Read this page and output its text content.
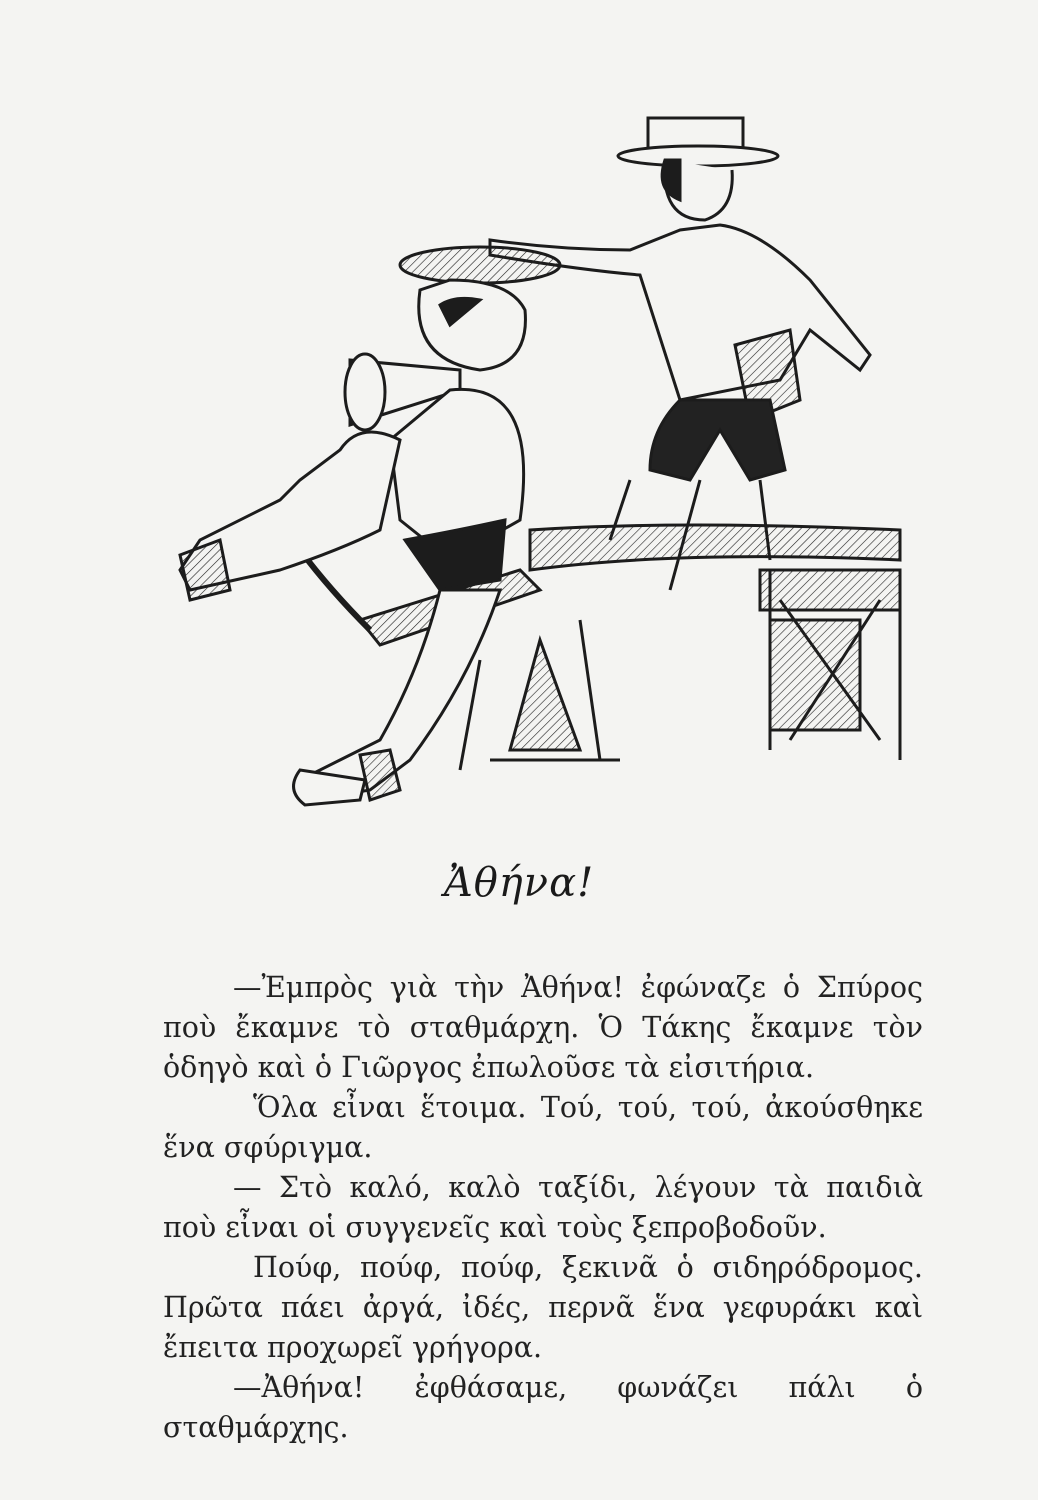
Ἀθήνα!

—Ἐμπρὸς γιὰ τὴν Ἀθήνα! ἐφώναζε ὁ Σπύρος ποὺ ἔκαμνε τὸ σταθμάρχη. Ὁ Τάκης ἔκαμνε τὸν ὁδηγὸ καὶ ὁ Γιῶργος ἐπωλοῦσε τὰ εἰσιτήρια.

Ὅλα εἶναι ἕτοιμα. Τού, τού, τού, ἀκούσθηκε ἕνα σφύριγμα.

— Στὸ καλό, καλὸ ταξίδι, λέγουν τὰ παιδιὰ ποὺ εἶναι οἱ συγγενεῖς καὶ τοὺς ξεπροβοδοῦν.

Πούφ, πούφ, πούφ, ξεκινᾶ ὁ σιδηρόδρομος. Πρῶτα πάει ἀργά, ἰδές, περνᾶ ἕνα γεφυράκι καὶ ἔπειτα προχωρεῖ γρήγορα.

—Ἀθήνα! ἐφθάσαμε, φωνάζει πάλι ὁ σταθμάρχης.
